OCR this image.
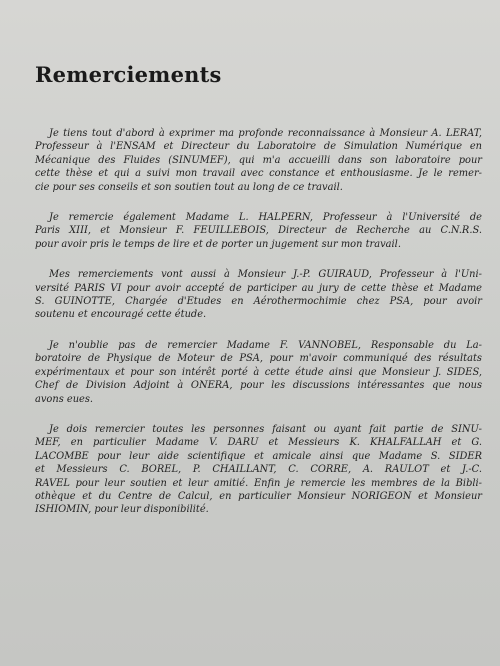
Remerciements
Je tiens tout d'abord à exprimer ma profonde reconnaissance à Monsieur A. LERAT,
Professeur à l'ENSAM et Directeur du Laboratoire de Simulation Numérique en
Mécanique des Fluides (SINUMEF), qui m'a accueilli dans son laboratoire pour
cette thèse et qui a suivi mon travail avec constance et enthousiasme. Je le remer-
cie pour ses conseils et son soutien tout au long de ce travail.
Je remercie également Madame L. HALPERN, Professeur à l'Université de
Paris XIII, et Monsieur F. FEUILLEBOIS, Directeur de Recherche au C.N.R.S.
pour avoir pris le temps de lire et de porter un jugement sur mon travail.
Mes remerciements vont aussi à Monsieur J.-P. GUIRAUD, Professeur à l'Uni-
versité PARIS VI pour avoir accepté de participer au jury de cette thèse et Madame
S. GUINOTTE, Chargée d'Etudes en Aérothermochimie chez PSA, pour avoir
soutenu et encouragé cette étude.
Je n'oublie pas de remercier Madame F. VANNOBEL, Responsable du La-
boratoire de Physique de Moteur de PSA, pour m'avoir communiqué des résultats
expérimentaux et pour son intérêt porté à cette étude ainsi que Monsieur J. SIDES,
Chef de Division Adjoint à ONERA, pour les discussions intéressantes que nous
avons eues.
Je dois remercier toutes les personnes faisant ou ayant fait partie de SINU-
MEF, en particulier Madame V. DARU et Messieurs K. KHALFALLAH et G.
LACOMBE pour leur aide scientifique et amicale ainsi que Madame S. SIDER
et Messieurs C. BOREL, P. CHAILLANT, C. CORRE, A. RAULOT et J.-C.
RAVEL pour leur soutien et leur amitié. Enfin je remercie les membres de la Bibli-
othèque et du Centre de Calcul, en particulier Monsieur NORIGEON et Monsieur
ISHIOMIN, pour leur disponibilité.
